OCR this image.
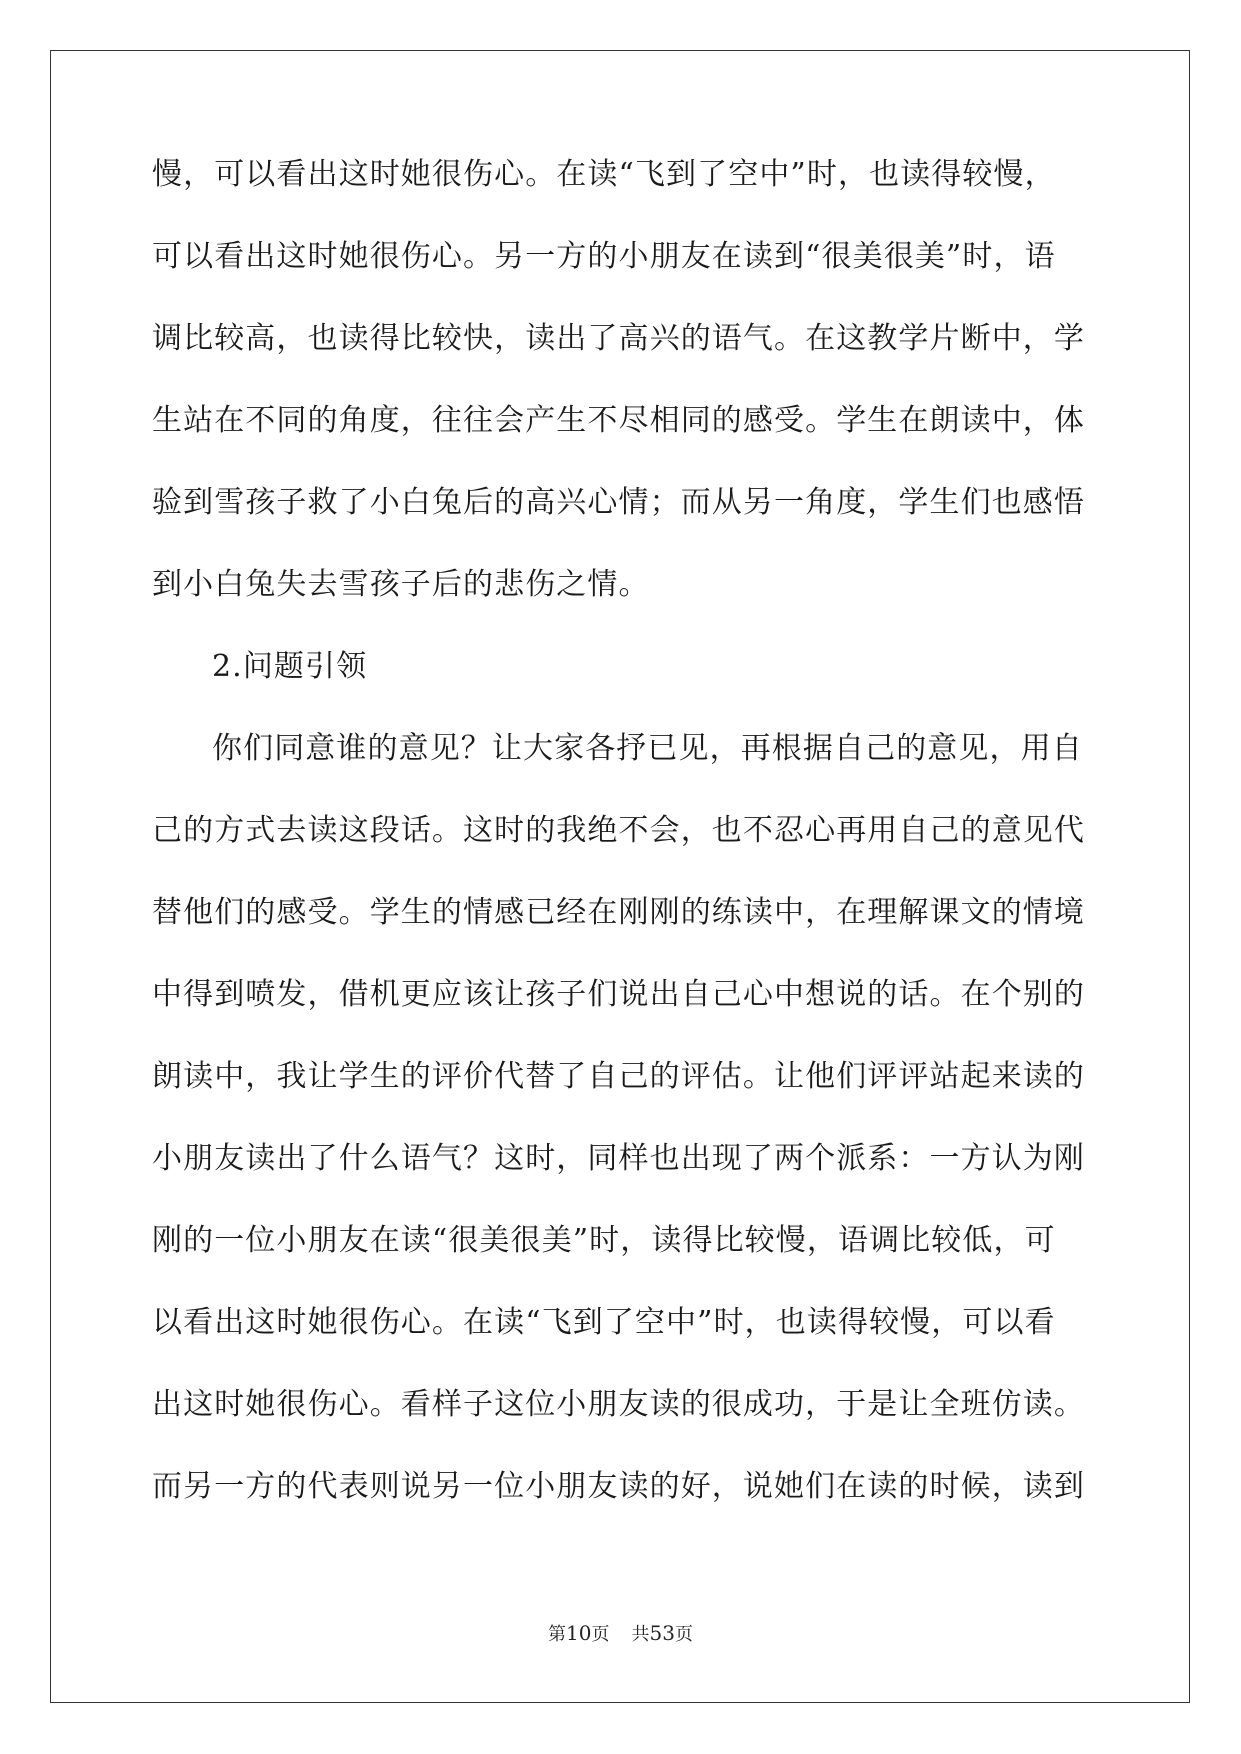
慢，可以看出这时她很伤心。在读“飞到了空中”时，也读得较慢，
可以看出这时她很伤心。另一方的小朋友在读到“很美很美”时，语
调比较高，也读得比较快，读出了高兴的语气。在这教学片断中，学
生站在不同的角度，往往会产生不尽相同的感受。学生在朗读中，体
验到雪孩子救了小白兔后的高兴心情；而从另一角度，学生们也感悟
到小白兔失去雪孩子后的悲伤之情。
2.问题引领
你们同意谁的意见？让大家各抒已见，再根据自己的意见，用自
己的方式去读这段话。这时的我绝不会，也不忍心再用自己的意见代
替他们的感受。学生的情感已经在刚刚的练读中，在理解课文的情境
中得到喷发，借机更应该让孩子们说出自己心中想说的话。在个别的
朗读中，我让学生的评价代替了自己的评估。让他们评评站起来读的
小朋友读出了什么语气？这时，同样也出现了两个派系：一方认为刚
刚的一位小朋友在读“很美很美”时，读得比较慢，语调比较低，可
以看出这时她很伤心。在读“飞到了空中”时，也读得较慢，可以看
出这时她很伤心。看样子这位小朋友读的很成功，于是让全班仿读。
而另一方的代表则说另一位小朋友读的好，说她们在读的时候，读到
第10页 共53页
